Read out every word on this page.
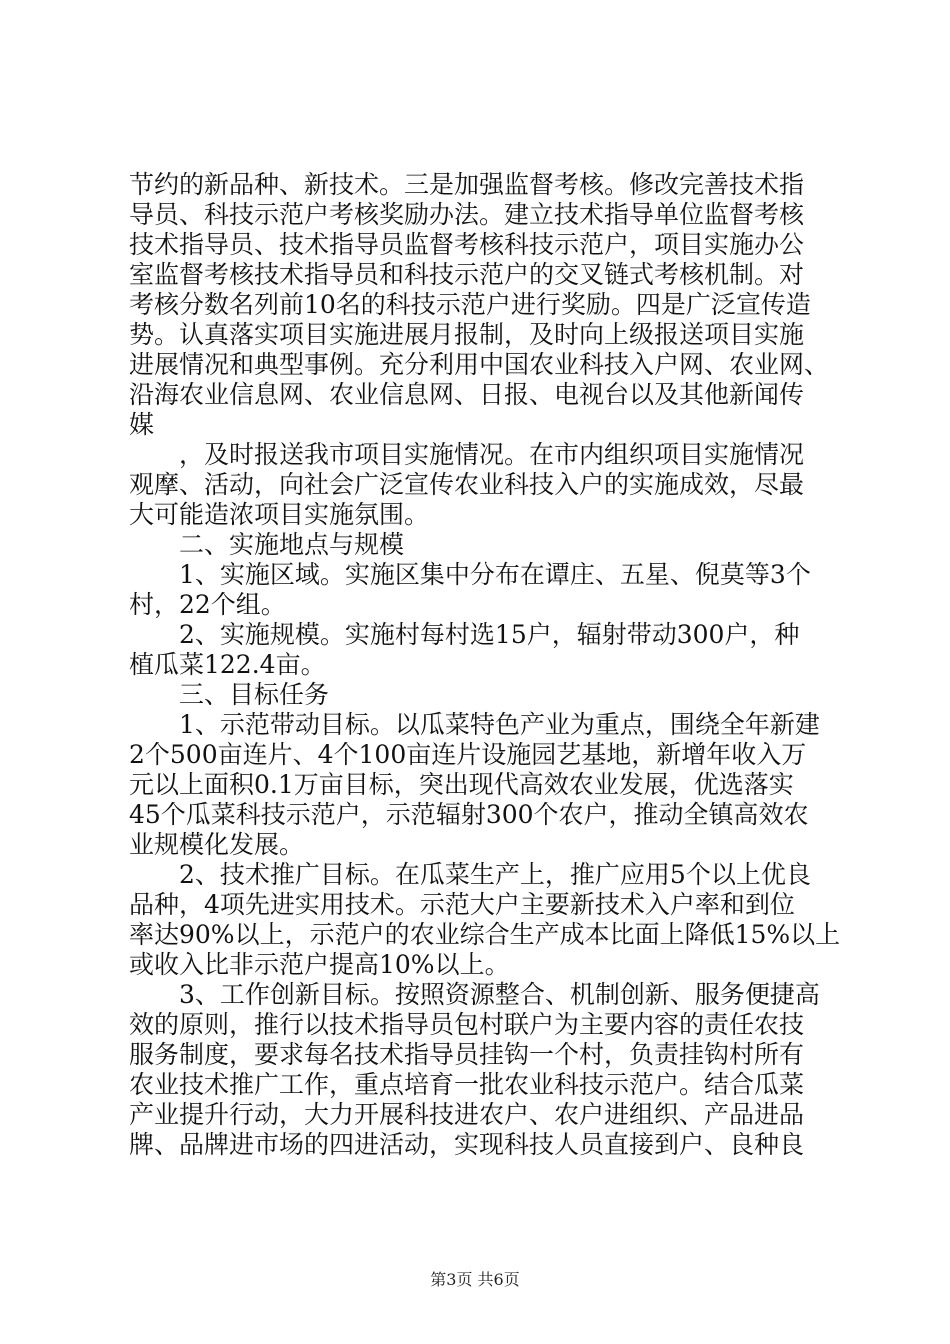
节约的新品种、新技术。三是加强监督考核。修改完善技术指

导员、科技示范户考核奖励办法。建立技术指导单位监督考核

技术指导员、技术指导员监督考核科技示范户，项目实施办公

室监督考核技术指导员和科技示范户的交叉链式考核机制。对

考核分数名列前10名的科技示范户进行奖励。四是广泛宣传造

势。认真落实项目实施进展月报制，及时向上级报送项目实施

进展情况和典型事例。充分利用中国农业科技入户网、农业网、

沿海农业信息网、农业信息网、日报、电视台以及其他新闻传

媒

，及时报送我市项目实施情况。在市内组织项目实施情况

观摩、活动，向社会广泛宣传农业科技入户的实施成效，尽最

大可能造浓项目实施氛围。

二、实施地点与规模

1、实施区域。实施区集中分布在谭庄、五星、倪莫等3个

村，22个组。

2、实施规模。实施村每村选15户，辐射带动300户，种

植瓜菜122.4亩。

三、目标任务

1、示范带动目标。以瓜菜特色产业为重点，围绕全年新建

2个500亩连片、4个100亩连片设施园艺基地，新增年收入万

元以上面积0.1万亩目标，突出现代高效农业发展，优选落实

45个瓜菜科技示范户，示范辐射300个农户，推动全镇高效农

业规模化发展。

2、技术推广目标。在瓜菜生产上，推广应用5个以上优良

品种，4项先进实用技术。示范大户主要新技术入户率和到位

率达90%以上，示范户的农业综合生产成本比面上降低15%以上

或收入比非示范户提高10%以上。

3、工作创新目标。按照资源整合、机制创新、服务便捷高

效的原则，推行以技术指导员包村联户为主要内容的责任农技

服务制度，要求每名技术指导员挂钩一个村，负责挂钩村所有

农业技术推广工作，重点培育一批农业科技示范户。结合瓜菜

产业提升行动，大力开展科技进农户、农户进组织、产品进品

牌、品牌进市场的四进活动，实现科技人员直接到户、良种良

第3页 共6页
